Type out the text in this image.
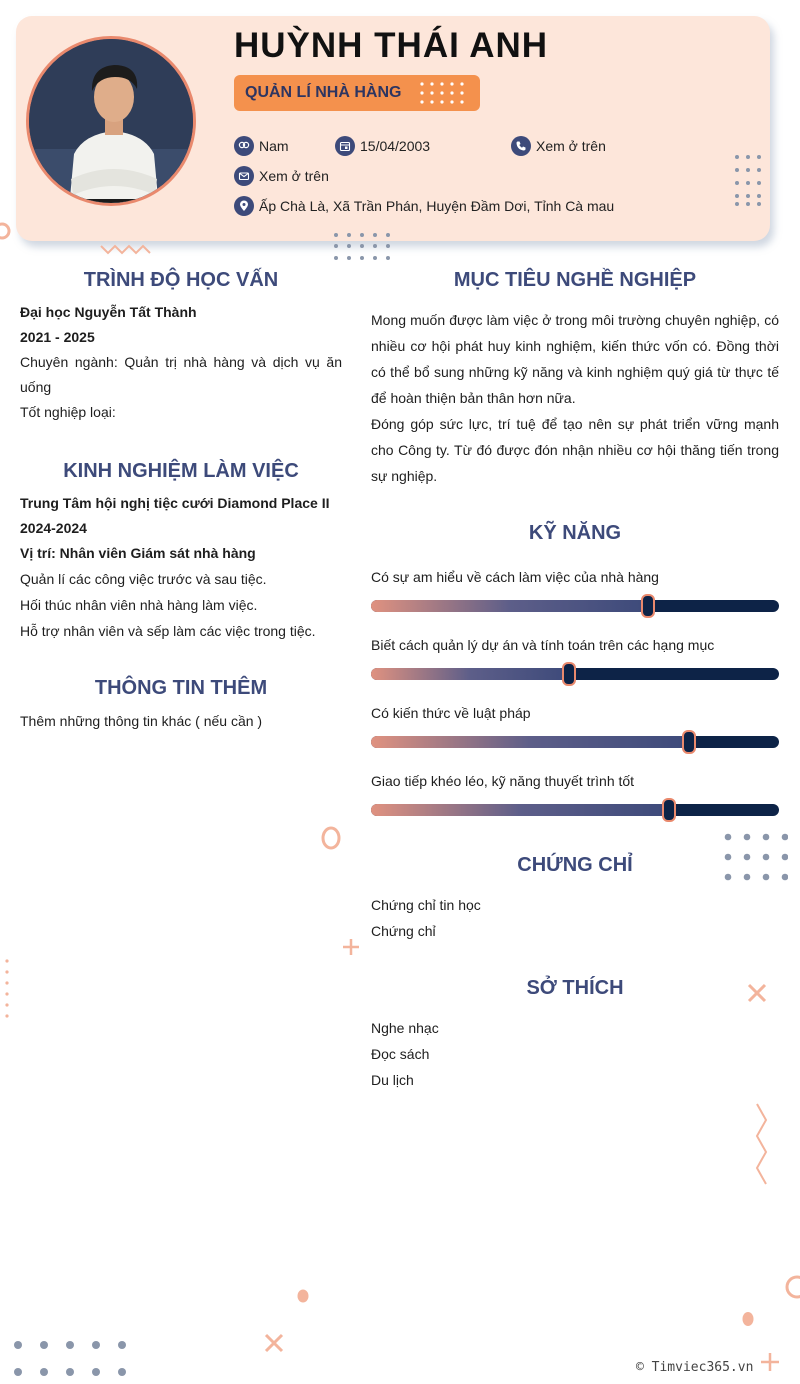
HUỲNH THÁI ANH
QUẢN LÍ NHÀ HÀNG
Nam	15/04/2003	Xem ở trên
Xem ở trên
Ấp Chà Là, Xã Trần Phán, Huyện Đầm Dơi, Tỉnh Cà mau
TRÌNH ĐỘ HỌC VẤN
Đại học Nguyễn Tất Thành
2021 - 2025
Chuyên ngành: Quản trị nhà hàng và dịch vụ ăn uống
Tốt nghiệp loại:
KINH NGHIỆM LÀM VIỆC
Trung Tâm hội nghị tiệc cưới Diamond Place II
2024-2024
Vị trí: Nhân viên Giám sát nhà hàng
Quản lí các công việc trước và sau tiệc.
Hối thúc nhân viên nhà hàng làm việc.
Hỗ trợ nhân viên và sếp làm các việc trong tiệc.
THÔNG TIN THÊM
Thêm những thông tin khác ( nếu cần )
MỤC TIÊU NGHỀ NGHIỆP
Mong muốn được làm việc ở trong môi trường chuyên nghiệp, có nhiều cơ hội phát huy kinh nghiệm, kiến thức vốn có. Đồng thời có thể bổ sung những kỹ năng và kinh nghiệm quý giá từ thực tế để hoàn thiện bản thân hơn nữa.
Đóng góp sức lực, trí tuệ để tạo nên sự phát triển vững mạnh cho Công ty. Từ đó được đón nhận nhiều cơ hội thăng tiến trong sự nghiệp.
KỸ NĂNG
Có sự am hiểu về cách làm việc của nhà hàng
Biết cách quản lý dự án và tính toán trên các hạng mục
Có kiến thức về luật pháp
Giao tiếp khéo léo, kỹ năng thuyết trình tốt
CHỨNG CHỈ
Chứng chỉ tin học
Chứng chỉ
SỞ THÍCH
Nghe nhạc
Đọc sách
Du lịch
© Timviec365.vn
